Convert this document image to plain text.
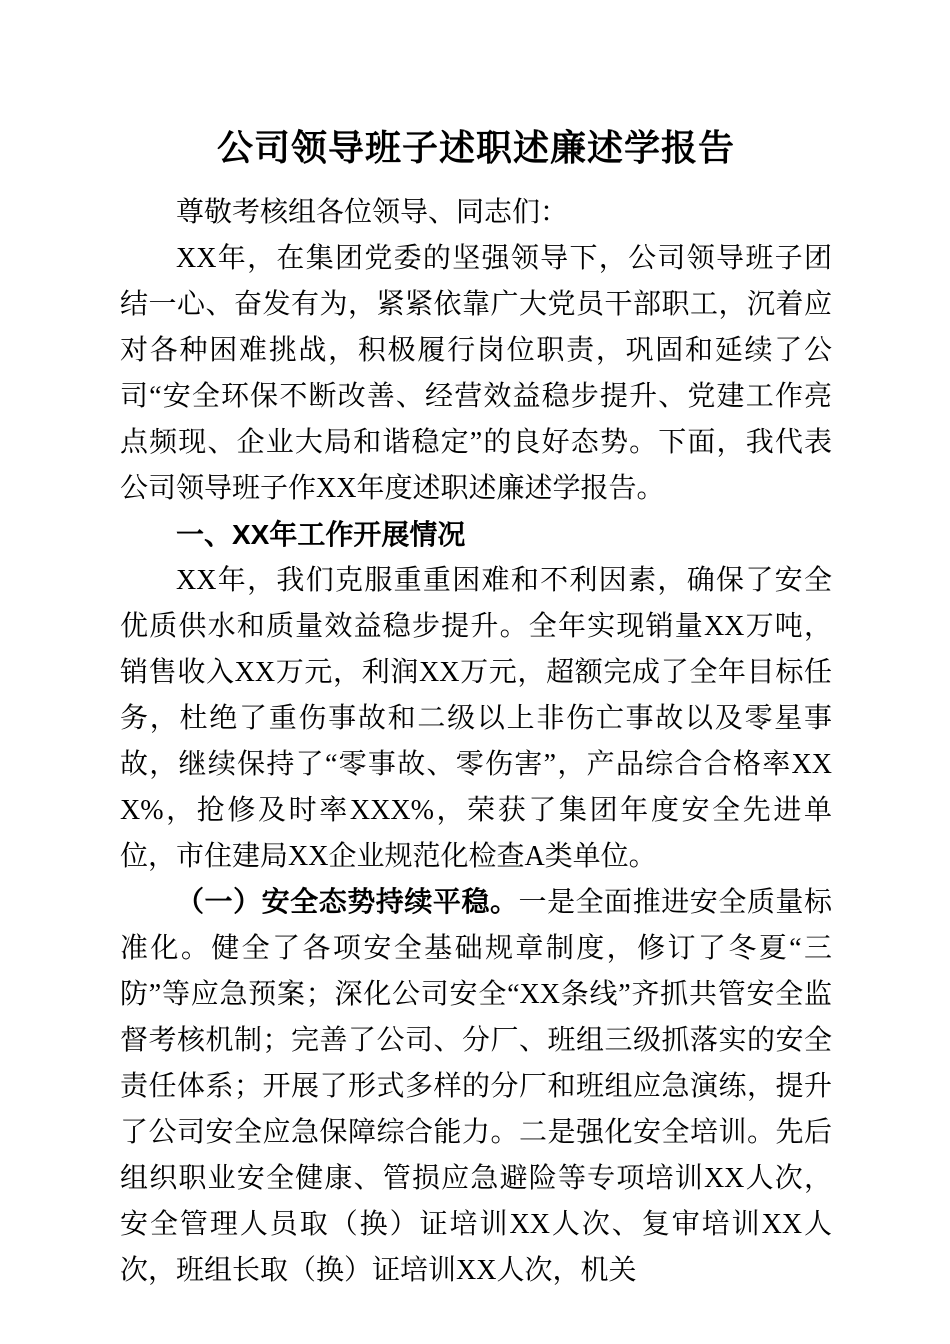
公司领导班子述职述廉述学报告

尊敬考核组各位领导、同志们：

XX年，在集团党委的坚强领导下，公司领导班子团结一心、奋发有为，紧紧依靠广大党员干部职工，沉着应对各种困难挑战，积极履行岗位职责，巩固和延续了公司“安全环保不断改善、经营效益稳步提升、党建工作亮点频现、企业大局和谐稳定”的良好态势。下面，我代表公司领导班子作XX年度述职述廉述学报告。

一、XX年工作开展情况

XX年，我们克服重重困难和不利因素，确保了安全优质供水和质量效益稳步提升。全年实现销量XX万吨，销售收入XX万元，利润XX万元，超额完成了全年目标任务，杜绝了重伤事故和二级以上非伤亡事故以及零星事故，继续保持了“零事故、零伤害”，产品综合合格率XXX%，抢修及时率XXX%，荣获了集团年度安全先进单位，市住建局XX企业规范化检查A类单位。

（一）安全态势持续平稳。一是全面推进安全质量标准化。健全了各项安全基础规章制度，修订了冬夏“三防”等应急预案；深化公司安全“XX条线”齐抓共管安全监督考核机制；完善了公司、分厂、班组三级抓落实的安全责任体系；开展了形式多样的分厂和班组应急演练，提升了公司安全应急保障综合能力。二是强化安全培训。先后组织职业安全健康、管损应急避险等专项培训XX人次，安全管理人员取（换）证培训XX人次、复审培训XX人次，班组长取（换）证培训XX人次，机关
